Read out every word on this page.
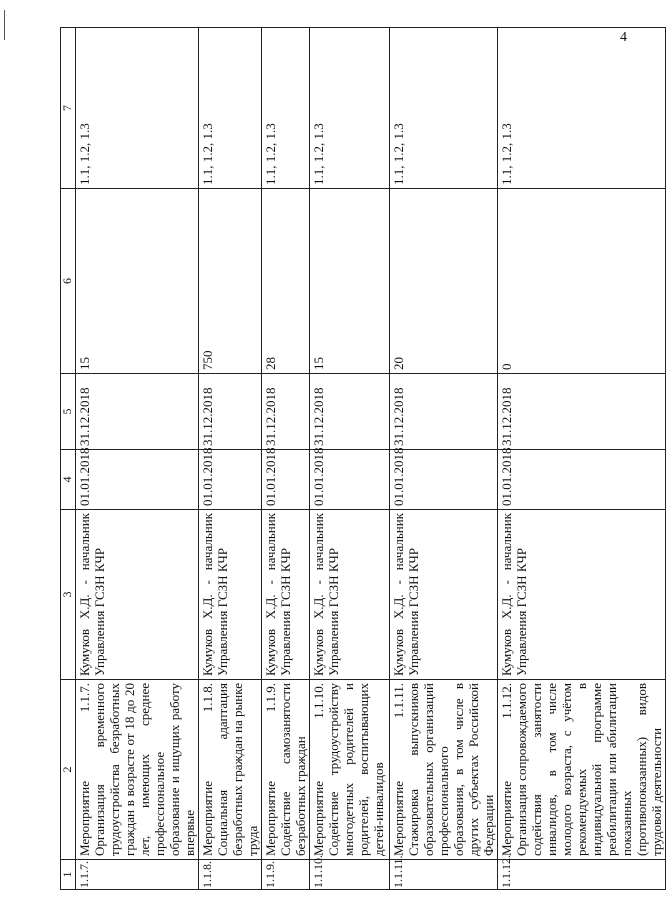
4
1	2	3	4	5	6	7
1.1.7.	Мероприятие 1.1.7. Организация временного трудоустройства безработных граждан в возрасте от 18 до 20 лет, имеющих среднее профессиональное образование и ищущих работу впервые	Кумуков Х.Д. - начальник Управления ГСЗН КЧР	01.01.2018	31.12.2018	15	1.1, 1.2, 1.3
1.1.8.	Мероприятие 1.1.8. Социальная адаптация безработных граждан на рынке труда	Кумуков Х.Д. - начальник Управления ГСЗН КЧР	01.01.2018	31.12.2018	750	1.1, 1.2, 1.3
1.1.9.	Мероприятие 1.1.9. Содействие самозанятости безработных граждан	Кумуков Х.Д. - начальник Управления ГСЗН КЧР	01.01.2018	31.12.2018	28	1.1, 1.2, 1.3
1.1.10.	Мероприятие 1.1.10. Содействие трудоустройству многодетных родителей и родителей, воспитывающих детей-инвалидов	Кумуков Х.Д. - начальник Управления ГСЗН КЧР	01.01.2018	31.12.2018	15	1.1, 1.2, 1.3
1.1.11.	Мероприятие 1.1.11. Стажировка выпускников образовательных организаций профессионального образования, в том числе в других субъектах Российской Федерации	Кумуков Х.Д. - начальник Управления ГСЗН КЧР	01.01.2018	31.12.2018	20	1.1, 1.2, 1.3
1.1.12.	Мероприятие 1.1.12. Организация сопровождаемого содействия занятости инвалидов, в том числе молодого возраста, с учётом рекомендуемых в индивидуальной программе реабилитации или абилитации показанных (противопоказанных) видов трудовой деятельности	Кумуков Х.Д. - начальник Управления ГСЗН КЧР	01.01.2018	31.12.2018	0	1.1, 1.2, 1.3
